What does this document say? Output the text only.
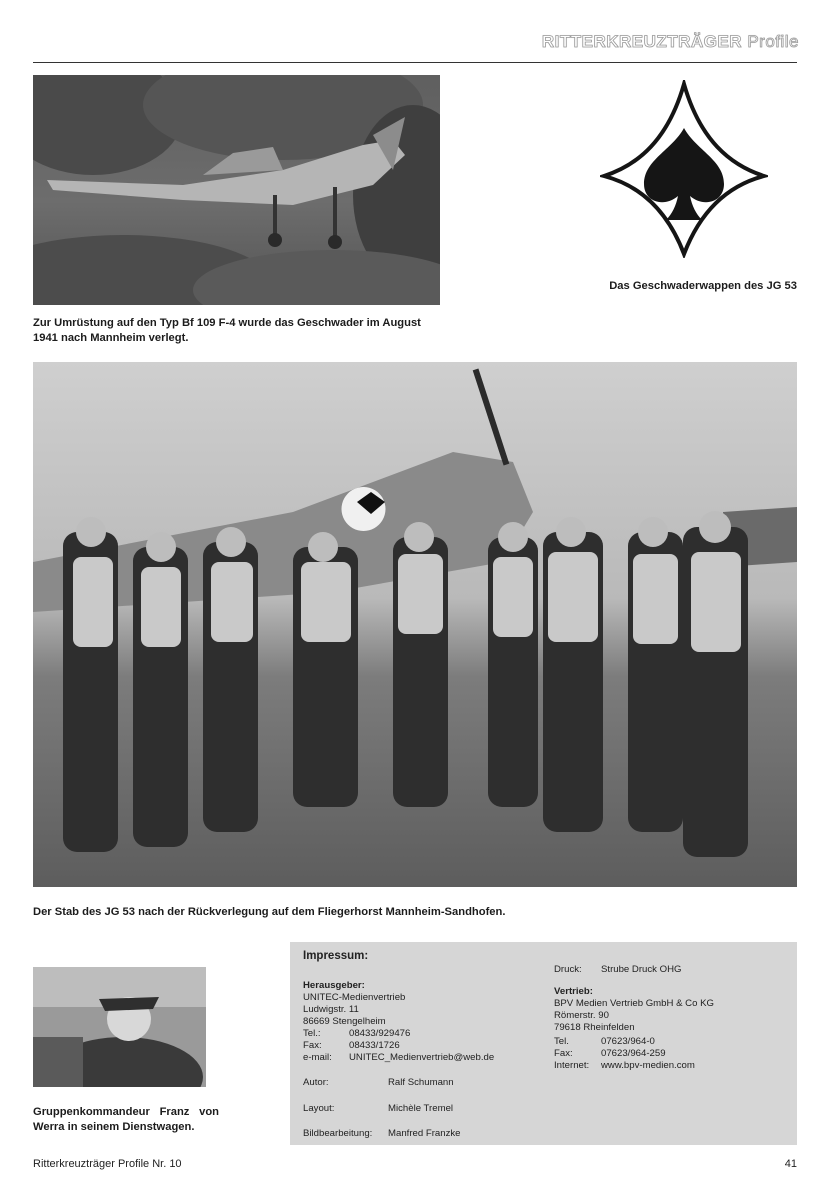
RITTERKREUZTRÄGER Profile
Zur Umrüstung auf den Typ Bf 109 F-4 wurde das Geschwader im August 1941 nach Mannheim verlegt.
Das Geschwaderwappen des JG 53
Der Stab des JG 53 nach der Rückverlegung auf dem Fliegerhorst Mannheim-Sandhofen.
Gruppenkommandeur Franz von Werra in seinem Dienstwagen.
Impressum:
Herausgeber:
UNITEC-Medienvertrieb
Ludwigstr. 11
86669 Stengelheim
Tel.:	08433/929476
Fax:	08433/1726
e-mail: UNITEC_Medienvertrieb@web.de
Autor:	Ralf Schumann
Layout:	Michèle Tremel
Bildbearbeitung: Manfred Franzke
Druck: Strube Druck OHG
Vertrieb:
BPV Medien Vertrieb GmbH & Co KG
Römerstr. 90
79618 Rheinfelden
Tel.	07623/964-0
Fax:	07623/964-259
Internet: www.bpv-medien.com
Ritterkreuzträger Profile Nr. 10	41
